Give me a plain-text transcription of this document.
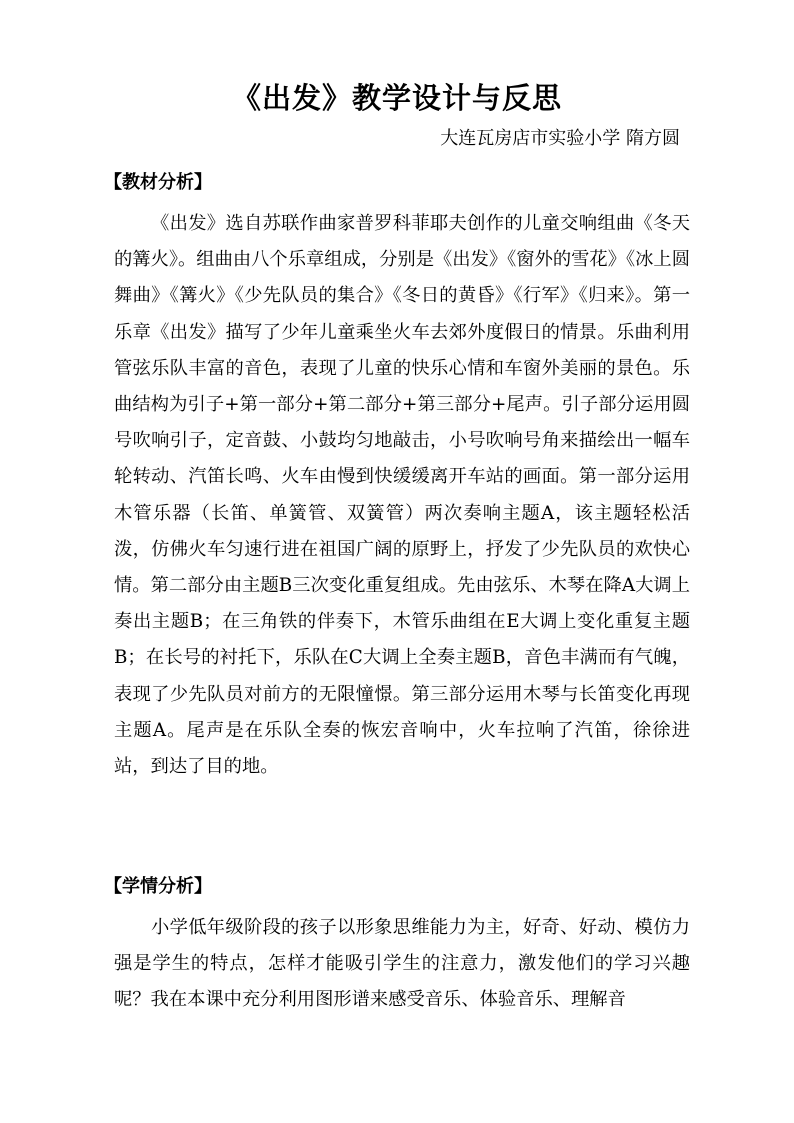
《出发》教学设计与反思

大连瓦房店市实验小学 隋方圆

【教材分析】

《出发》选自苏联作曲家普罗科菲耶夫创作的儿童交响组曲《冬天的篝火》。组曲由八个乐章组成，分别是《出发》《窗外的雪花》《冰上圆舞曲》《篝火》《少先队员的集合》《冬日的黄昏》《行军》《归来》。第一乐章《出发》描写了少年儿童乘坐火车去郊外度假日的情景。乐曲利用管弦乐队丰富的音色，表现了儿童的快乐心情和车窗外美丽的景色。乐曲结构为引子+第一部分+第二部分+第三部分+尾声。引子部分运用圆号吹响引子，定音鼓、小鼓均匀地敲击，小号吹响号角来描绘出一幅车轮转动、汽笛长鸣、火车由慢到快缓缓离开车站的画面。第一部分运用木管乐器（长笛、单簧管、双簧管）两次奏响主题A，该主题轻松活泼，仿佛火车匀速行进在祖国广阔的原野上，抒发了少先队员的欢快心情。第二部分由主题B三次变化重复组成。先由弦乐、木琴在降A大调上奏出主题B；在三角铁的伴奏下，木管乐曲组在E大调上变化重复主题B；在长号的衬托下，乐队在C大调上全奏主题B，音色丰满而有气魄，表现了少先队员对前方的无限憧憬。第三部分运用木琴与长笛变化再现主题A。尾声是在乐队全奏的恢宏音响中，火车拉响了汽笛，徐徐进站，到达了目的地。

【学情分析】

小学低年级阶段的孩子以形象思维能力为主，好奇、好动、模仿力强是学生的特点，怎样才能吸引学生的注意力，激发他们的学习兴趣呢？我在本课中充分利用图形谱来感受音乐、体验音乐、理解音
